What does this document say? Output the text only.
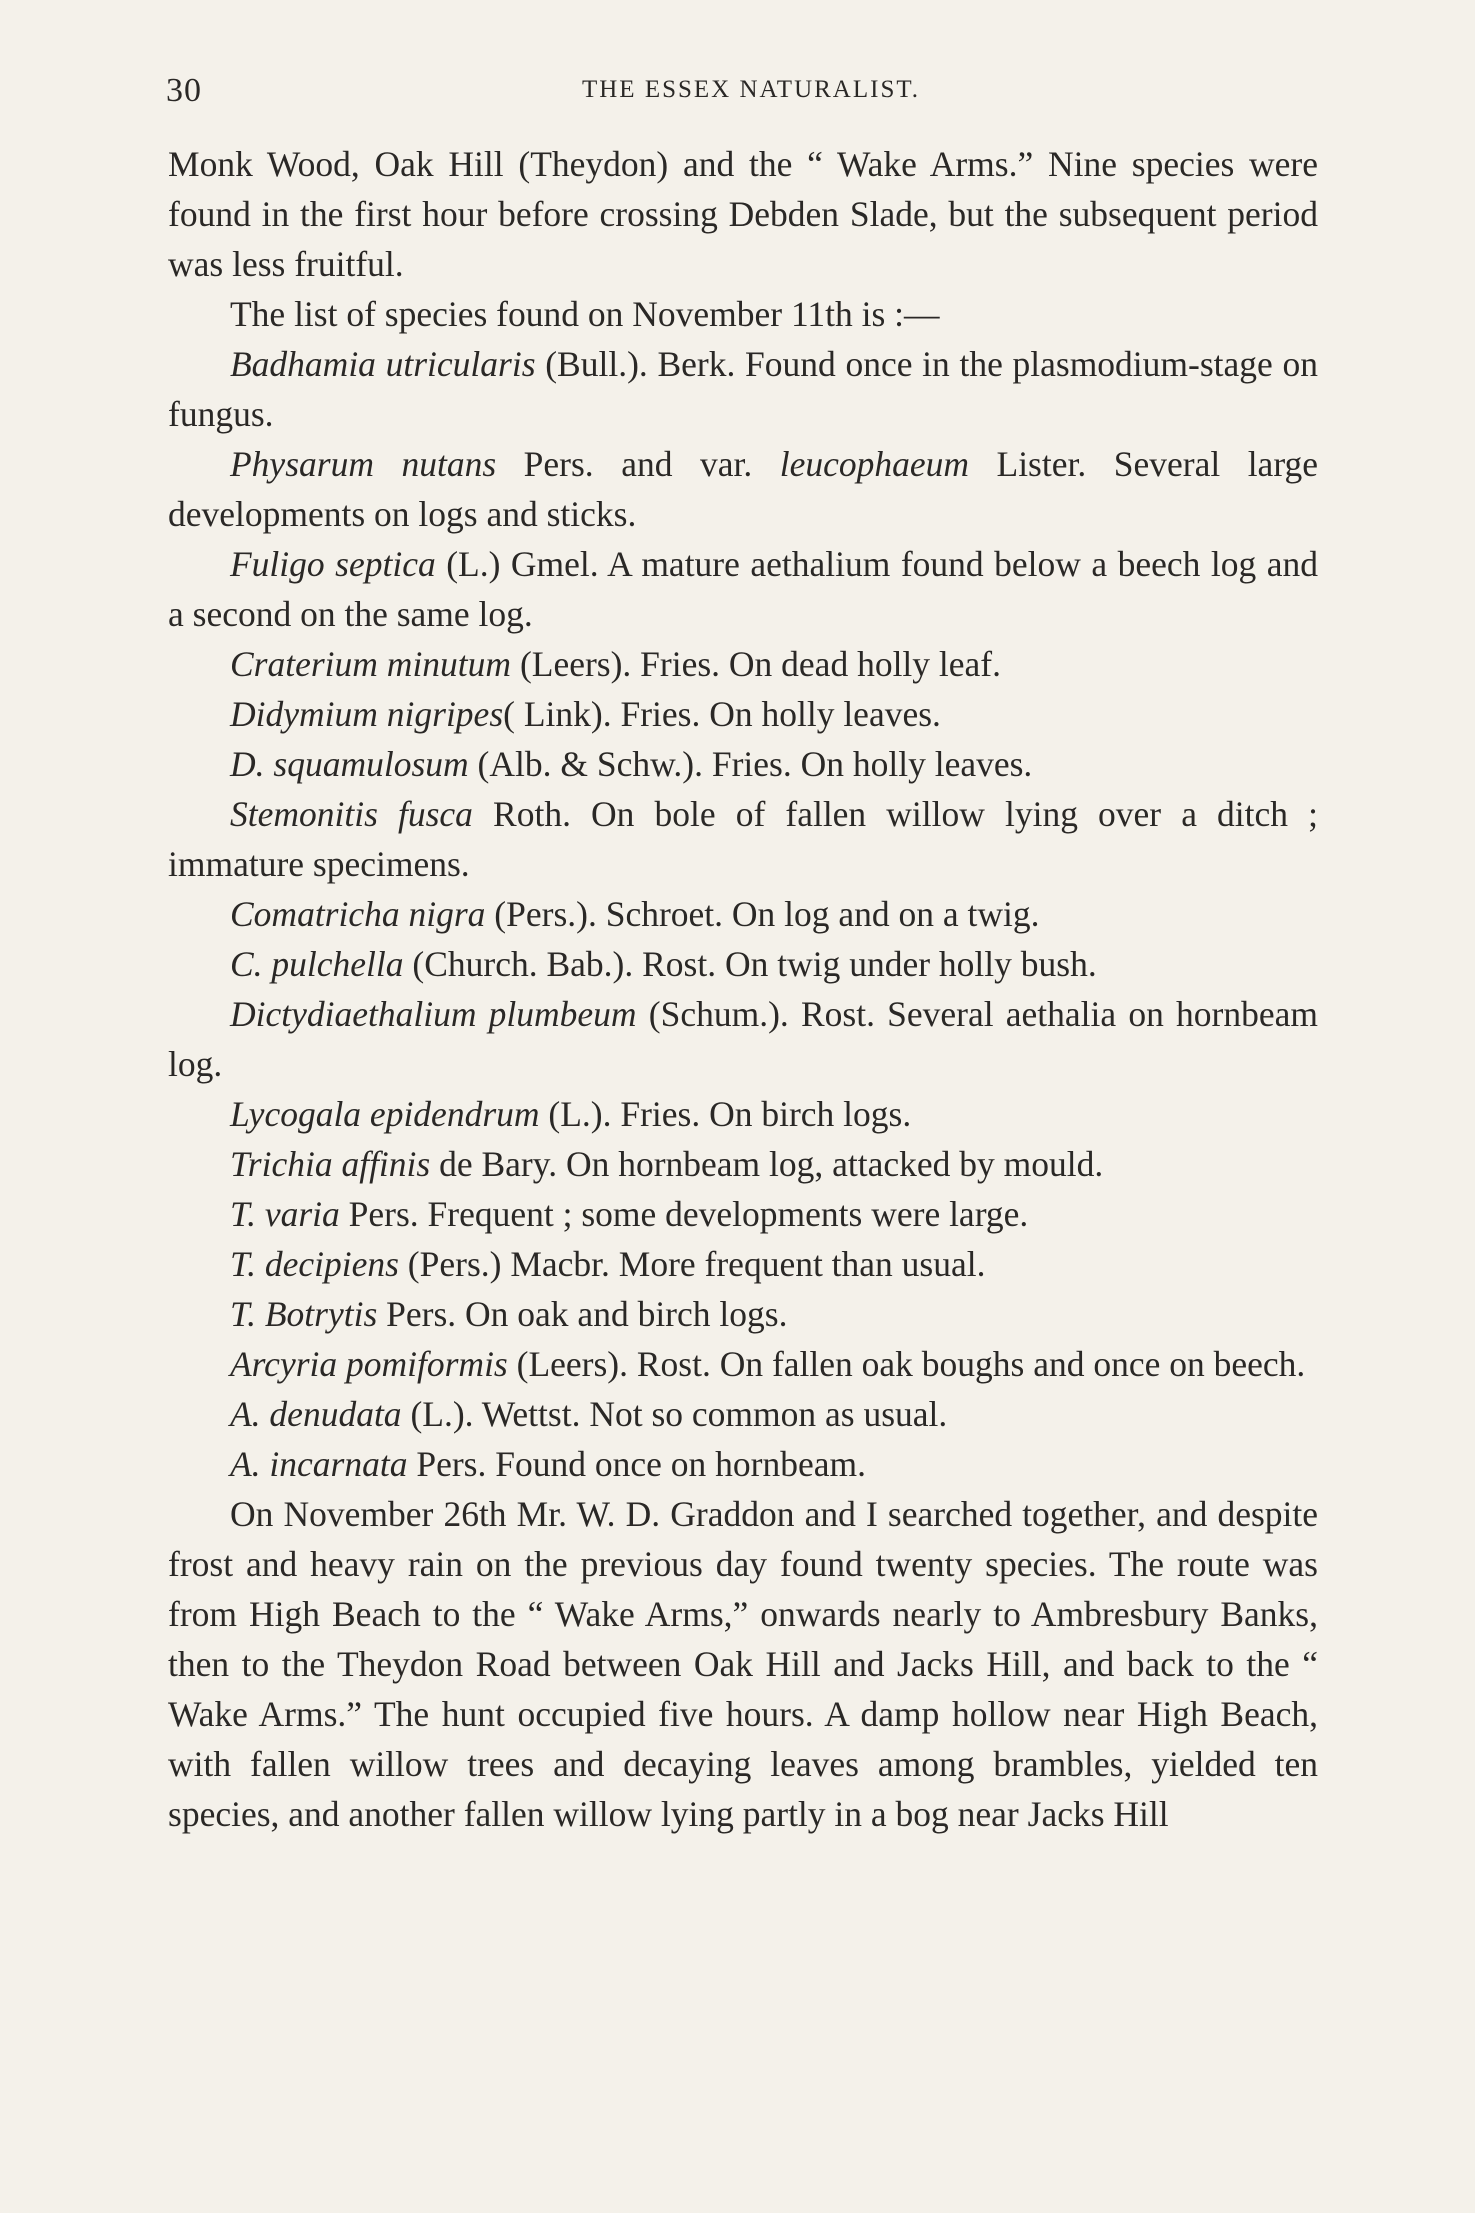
30	THE ESSEX NATURALIST.

Monk Wood, Oak Hill (Theydon) and the “ Wake Arms.” Nine species were found in the first hour before crossing Debden Slade, but the subsequent period was less fruitful.

The list of species found on November 11th is :—

Badhamia utricularis (Bull.). Berk. Found once in the plasmodium-stage on fungus.

Physarum nutans Pers. and var. leucophaeum Lister. Several large developments on logs and sticks.

Fuligo septica (L.) Gmel. A mature aethalium found below a beech log and a second on the same log.

Craterium minutum (Leers). Fries. On dead holly leaf.

Didymium nigripes( Link). Fries. On holly leaves.

D. squamulosum (Alb. & Schw.). Fries. On holly leaves.

Stemonitis fusca Roth. On bole of fallen willow lying over a ditch ; immature specimens.

Comatricha nigra (Pers.). Schroet. On log and on a twig.

C. pulchella (Church. Bab.). Rost. On twig under holly bush.

Dictydiaethalium plumbeum (Schum.). Rost. Several aethalia on hornbeam log.

Lycogala epidendrum (L.). Fries. On birch logs.

Trichia affinis de Bary. On hornbeam log, attacked by mould.

T. varia Pers. Frequent ; some developments were large.

T. decipiens (Pers.) Macbr. More frequent than usual.

T. Botrytis Pers. On oak and birch logs.

Arcyria pomiformis (Leers). Rost. On fallen oak boughs and once on beech.

A. denudata (L.). Wettst. Not so common as usual.

A. incarnata Pers. Found once on hornbeam.

On November 26th Mr. W. D. Graddon and I searched together, and despite frost and heavy rain on the previous day found twenty species. The route was from High Beach to the “ Wake Arms,” onwards nearly to Ambresbury Banks, then to the Theydon Road between Oak Hill and Jacks Hill, and back to the “ Wake Arms.” The hunt occupied five hours. A damp hollow near High Beach, with fallen willow trees and decaying leaves among brambles, yielded ten species, and another fallen willow lying partly in a bog near Jacks Hill
